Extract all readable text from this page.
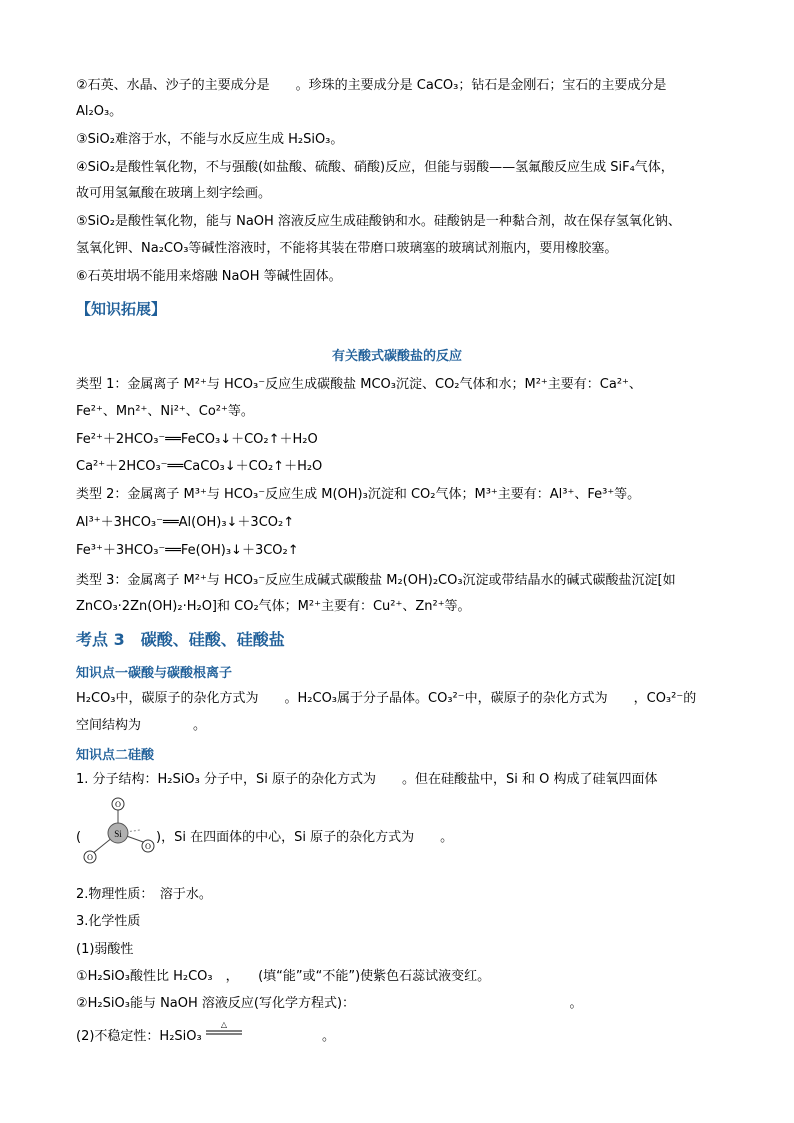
②石英、水晶、沙子的主要成分是　　。珍珠的主要成分是 CaCO₃；钻石是金刚石；宝石的主要成分是
Al₂O₃。
③SiO₂难溶于水，不能与水反应生成 H₂SiO₃。
④SiO₂是酸性氧化物，不与强酸(如盐酸、硫酸、硝酸)反应，但能与弱酸——氢氟酸反应生成 SiF₄气体，
故可用氢氟酸在玻璃上刻字绘画。
⑤SiO₂是酸性氧化物，能与 NaOH 溶液反应生成硅酸钠和水。硅酸钠是一种黏合剂，故在保存氢氧化钠、
氢氧化钾、Na₂CO₃等碱性溶液时，不能将其装在带磨口玻璃塞的玻璃试剂瓶内，要用橡胶塞。
⑥石英坩埚不能用来熔融 NaOH 等碱性固体。
【知识拓展】
有关酸式碳酸盐的反应
类型 1：金属离子 M²⁺与 HCO₃⁻反应生成碳酸盐 MCO₃沉淀、CO₂气体和水；M²⁺主要有：Ca²⁺、
Fe²⁺、Mn²⁺、Ni²⁺、Co²⁺等。
Fe²⁺＋2HCO₃⁻══FeCO₃↓＋CO₂↑＋H₂O
Ca²⁺＋2HCO₃⁻══CaCO₃↓＋CO₂↑＋H₂O
类型 2：金属离子 M³⁺与 HCO₃⁻反应生成 M(OH)₃沉淀和 CO₂气体；M³⁺主要有：Al³⁺、Fe³⁺等。
Al³⁺＋3HCO₃⁻══Al(OH)₃↓＋3CO₂↑
Fe³⁺＋3HCO₃⁻══Fe(OH)₃↓＋3CO₂↑
类型 3：金属离子 M²⁺与 HCO₃⁻反应生成碱式碳酸盐 M₂(OH)₂CO₃沉淀或带结晶水的碱式碳酸盐沉淀[如
ZnCO₃·2Zn(OH)₂·H₂O]和 CO₂气体；M²⁺主要有：Cu²⁺、Zn²⁺等。
考点 3　碳酸、硅酸、硅酸盐
知识点一碳酸与碳酸根离子
H₂CO₃中，碳原子的杂化方式为　　。H₂CO₃属于分子晶体。CO₃²⁻中，碳原子的杂化方式为　　，CO₃²⁻的
空间结构为　　　　。
知识点二硅酸
1. 分子结构：H₂SiO₃ 分子中，Si 原子的杂化方式为　　。但在硅酸盐中，Si 和 O 构成了硅氧四面体
(	Si
O
O
O
)，Si 在四面体的中心，Si 原子的杂化方式为　　。
2.物理性质：　溶于水。
3.化学性质
(1)弱酸性
①H₂SiO₃酸性比 H₂CO₃　，　　(填“能”或“不能”)使紫色石蕊试液变红。
②H₂SiO₃能与 NaOH 溶液反应(写化学方程式)：　　　　　　　　　　　　　　　　　。
(2)不稳定性：H₂SiO₃
△
　　　　　　。
